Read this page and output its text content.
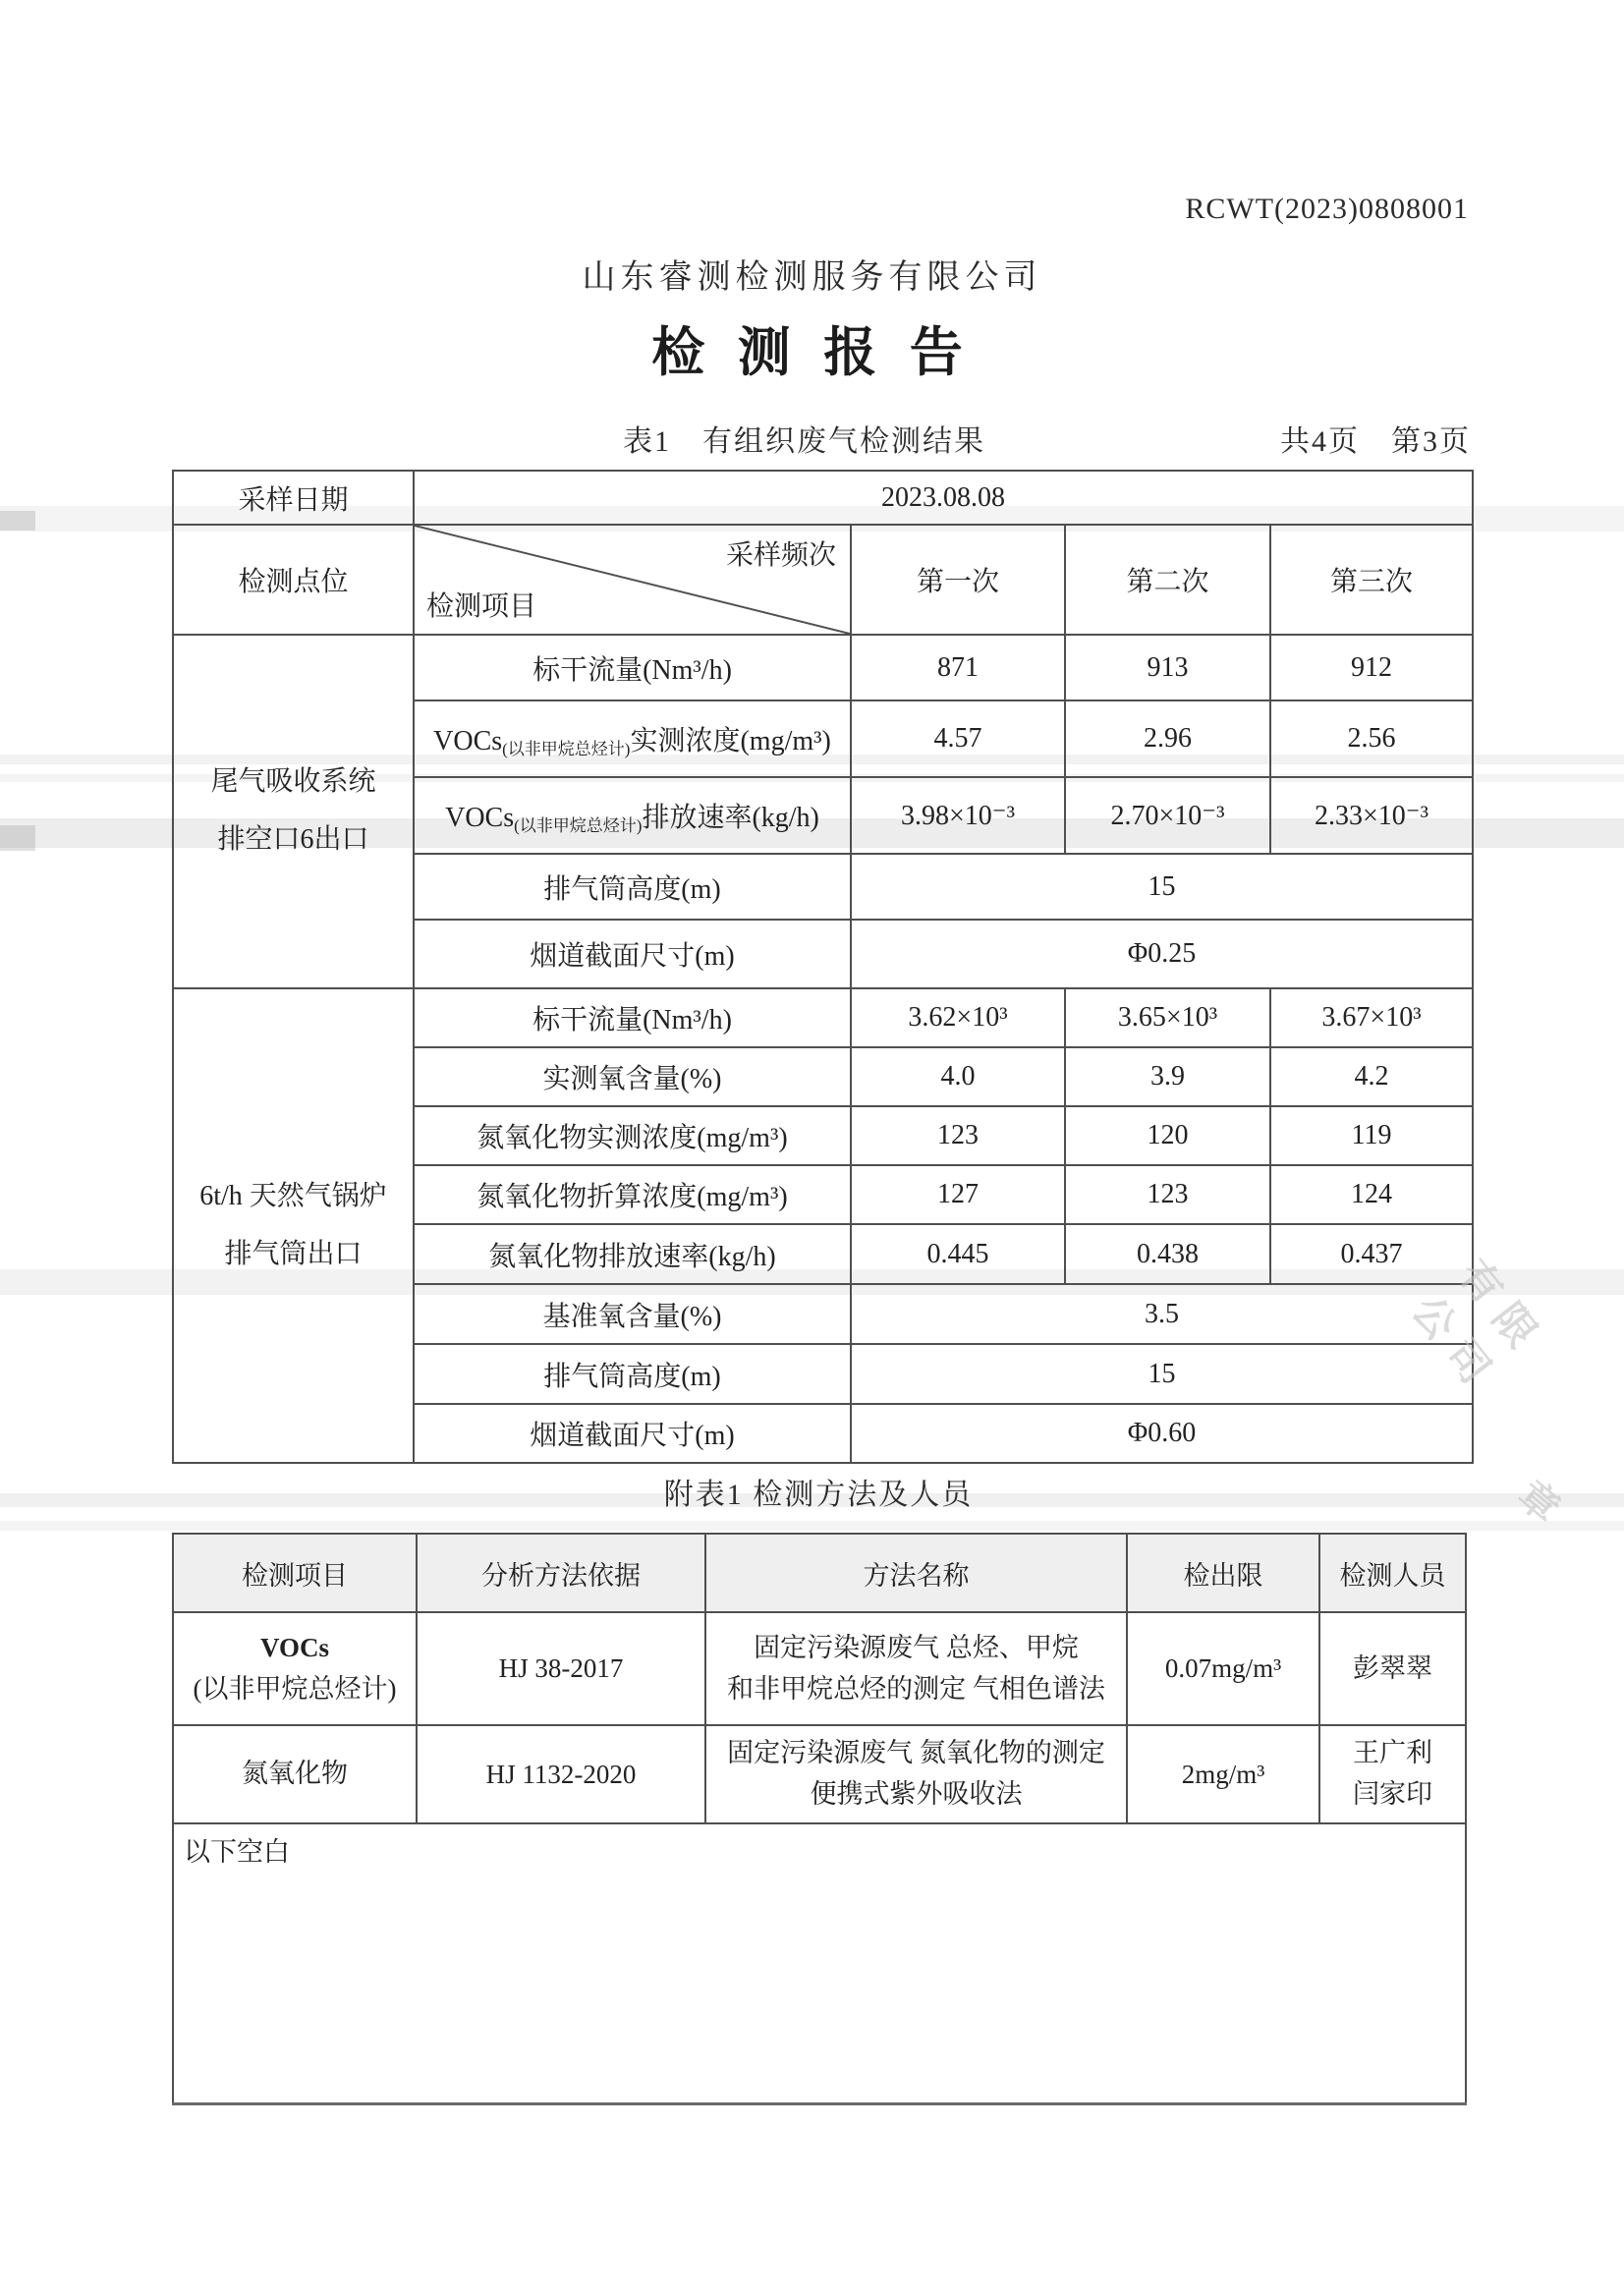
RCWT(2023)0808001
山东睿测检测服务有限公司
检 测 报 告
表1　有组织废气检测结果	共4页　第3页
采样日期	2023.08.08			
检测点位	采样频次
检测项目	第一次	第二次	第三次

尾气吸收系统
排空口6出口	标干流量(Nm³/h)	871	913	912
	VOCs$_{(以非甲烷总烃计)}$实测浓度(mg/m³)	4.57	2.96	2.56
	VOCs$_{(以非甲烷总烃计)}$排放速率(kg/h)	3.98×10⁻³	2.70×10⁻³	2.33×10⁻³
	排气筒高度(m)	15		
	烟道截面尺寸(m)	Φ0.25		

6t/h 天然气锅炉
排气筒出口	标干流量(Nm³/h)	3.62×10³	3.65×10³	3.67×10³
	实测氧含量(%)	4.0	3.9	4.2
	氮氧化物实测浓度(mg/m³)	123	120	119
	氮氧化物折算浓度(mg/m³)	127	123	124
	氮氧化物排放速率(kg/h)	0.445	0.438	0.437
	基准氧含量(%)	3.5		
	排气筒高度(m)	15		
	烟道截面尺寸(m)	Φ0.60		
附表1 检测方法及人员
检测项目	分析方法依据	方法名称	检出限	检测人员

VOCs
(以非甲烷总烃计)	HJ 38-2017	固定污染源废气 总烃、甲烷
和非甲烷总烃的测定 气相色谱法	0.07mg/m³	彭翠翠

氮氧化物	HJ 1132-2020	固定污染源废气 氮氧化物的测定
便携式紫外吸收法	2mg/m³	王广利
闫家印

以下空白				
有限公司
章
